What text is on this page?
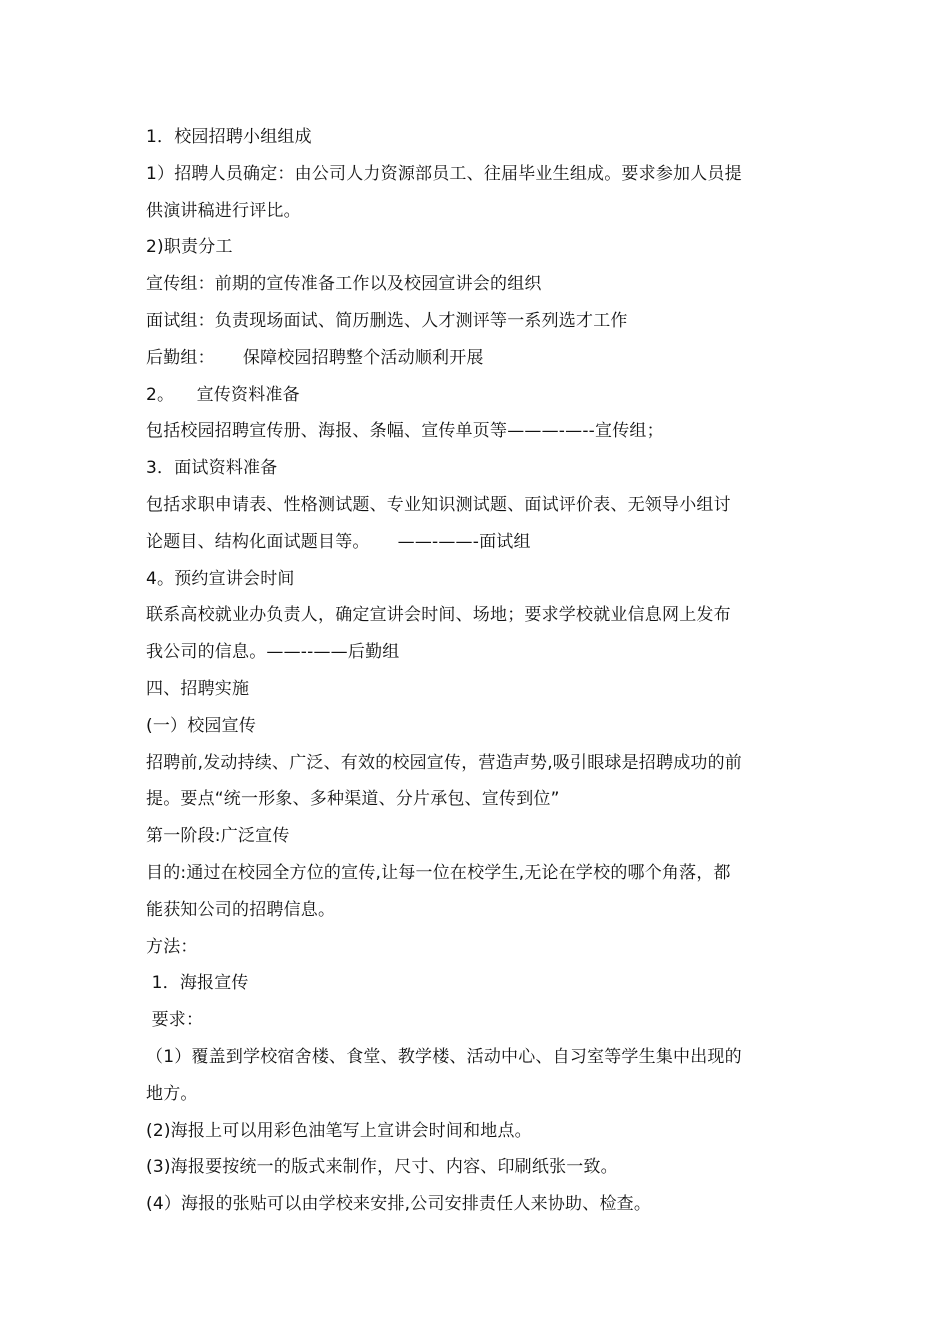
1．校园招聘小组组成
1）招聘人员确定：由公司人力资源部员工、往届毕业生组成。要求参加人员提
供演讲稿进行评比。
2)职责分工
宣传组：前期的宣传准备工作以及校园宣讲会的组织
面试组：负责现场面试、简历删选、人才测评等一系列选才工作
后勤组：     保障校园招聘整个活动顺利开展
2。    宣传资料准备
包括校园招聘宣传册、海报、条幅、宣传单页等———-—--宣传组；
3．面试资料准备
包括求职申请表、性格测试题、专业知识测试题、面试评价表、无领导小组讨
论题目、结构化面试题目等。     ——-——-面试组
4。预约宣讲会时间
联系高校就业办负责人，确定宣讲会时间、场地；要求学校就业信息网上发布
我公司的信息。——--——后勤组
四、招聘实施
(一）校园宣传
招聘前,发动持续、广泛、有效的校园宣传，营造声势,吸引眼球是招聘成功的前
提。要点“统一形象、多种渠道、分片承包、宣传到位”
第一阶段:广泛宣传
目的:通过在校园全方位的宣传,让每一位在校学生,无论在学校的哪个角落，都
能获知公司的招聘信息。
方法：
1．海报宣传
要求：
（1）覆盖到学校宿舍楼、食堂、教学楼、活动中心、自习室等学生集中出现的
地方。
(2)海报上可以用彩色油笔写上宣讲会时间和地点。
(3)海报要按统一的版式来制作，尺寸、内容、印刷纸张一致。
(4）海报的张贴可以由学校来安排,公司安排责任人来协助、检查。
